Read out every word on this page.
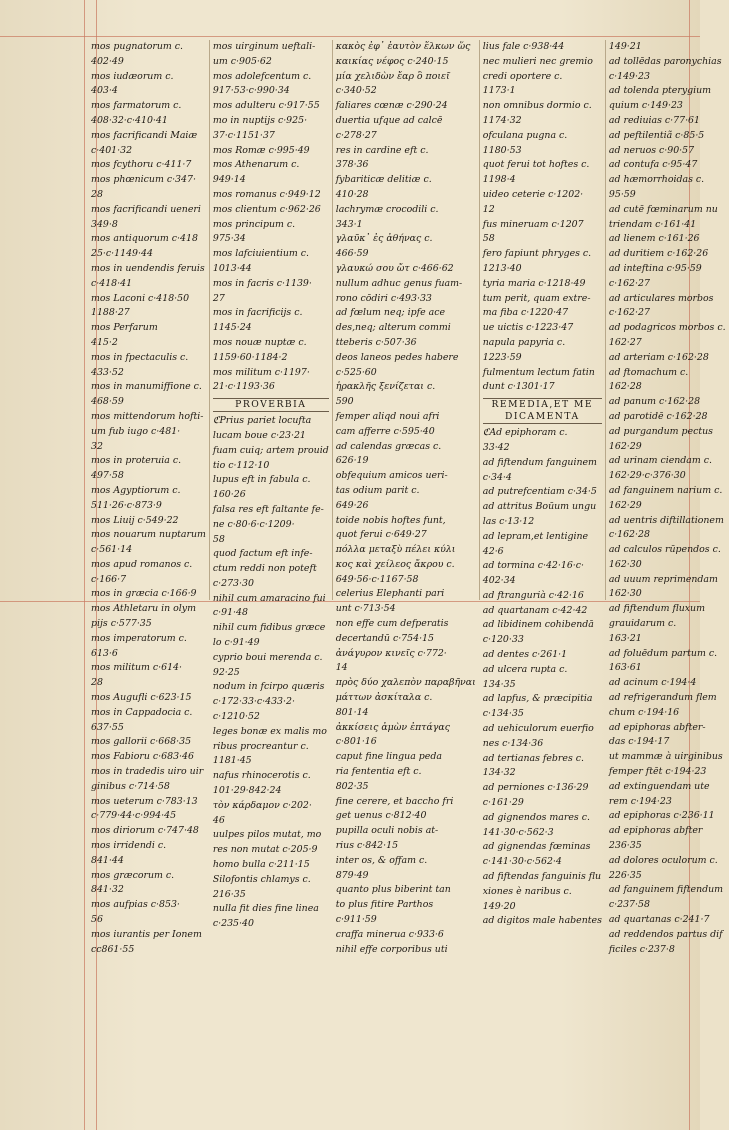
mos pugnatorum c.
402·49
mos iudæorum c.
403·4
mos farmatorum c.
408·32·c·410·41
mos facrificandi Maiæ
c·401·32
mos fcythoru c·411·7
mos phœnicum c·347·
28
mos facrificandi ueneri
349·8
mos antiquorum c·418
25·c·1149·44
mos in uendendis feruis
c·418·41
mos Laconi c·418·50
1188·27
mos Perfarum
415·2
mos in fpectaculis c.
433·52
mos in manumiffione c.
468·59
mos mittendorum hofti-
um fub iugo c·481·
32
mos in proteruia c.
497·58
mos Agyptiorum c.
511·26·c·873·9
mos Liuij c·549·22
mos nouarum nuptarum
c·561·14
mos apud romanos c.
c·166·7
mos in græcia c·166·9
mos Athletaru in olym
pijs c·577·35
mos imperatorum c.
613·6
mos militum c·614·
28
mos Augufli c·623·15
mos in Cappadocia c.
637·55
mos gallorii c·668·35
mos Fabioru c·683·46
mos in tradedis uiro uir
ginibus c·714·58
mos ueterum c·783·13
c·779·44·c·994·45
mos diriorum c·747·48
mos irridendi c.
841·44
mos græcorum c.
841·32
mos aufpias c·853·
56
mos iurantis per Ionem
cc861·55
mos uirginum ueftali-
um c·905·62
mos adolefcentum c.
917·53·c·990·34
mos adulteru c·917·55
mo in nuptijs c·925·
37·c·1151·37
mos Romæ c·995·49
mos Athenarum c.
949·14
mos romanus c·949·12
mos clientum c·962·26
mos principum c.
975·34
mos lafciuientium c.
1013·44
mos in facris c·1139·
27
mos in facrificijs c.
1145·24
mos nouæ nuptæ c.
1159·60·1184·2
mos militum c·1197·
21·c·1193·36
PROVERBIA
ℭPrius pariet locufta
lucam boue c·23·21
fuam cuiq; artem prouid
tio c·112·10
lupus eft in fabula c.
160·26
falsa res eft faltante fe-
ne c·80·6·c·1209·
58
quod factum eft infe-
ctum reddi non poteft
c·273·30
nihil cum amaracino fui
c·91·48
nihil cum fidibus græce
lo c·91·49
cyprio boui merenda c.
92·25
nodum in fcirpo quæris
c·172·33·c·433·2·
c·1210·52
leges bonæ ex malis mo
ribus procreantur c.
1181·45
nafus rhinocerotis c.
101·29·842·24
τὸν κάρδαμον c·202·
46
uulpes pilos mutat, mo
res non mutat c·205·9
homo bulla c·211·15
Silofontis chlamys c.
216·35
nulla fit dies fine linea
c·235·40
κακὸς ἐφ᾽ ἑαυτὸν ἕλκων ὥς
καικίας νέφος c·240·15
μία χελιδὼν ἔαρ ὃ ποιεῖ
c·340·52
faliares cœnæ c·290·24
duertia ufque ad calcē
c·278·27
res in cardine eft c.
378·36
fybariticæ delitiæ c.
410·28
lachrymæ crocodili c.
343·1
γλαῦκ᾽ ἐς ἀθήνας c.
466·59
γλαυκώ σου ὤτ c·466·62
nullum adhuc genus fuam-
rono cōdiri c·493·33
ad fœlum neq; ipfe ace
des,neq; alterum commi
tteberis c·507·36
deos laneos pedes habere
c·525·60
ἡρακλῆς ξενίζεται c.
590
femper aliqd noui afri
cam afferre c·595·40
ad calendas græcas c.
626·19
obfequium amicos ueri-
tas odium parit c.
649·26
toide nobis hoftes funt,
quot ferui c·649·27
πόλλα μεταξὺ πέλει κύλι
κος καὶ χείλεος ἄκρου c.
649·56·c·1167·58
celerius Elephanti pari
unt c·713·54
non effe cum defperatis
decertandū c·754·15
ἀνάγυρον κινεῖς c·772·
14
πρὸς δύο χαλεπὸν παραβῆναι
μάττων ἀσκίταλα c.
801·14
ἀκκίσεις ἀμὼν ἐπτάγας
c·801·16
caput fine lingua peda
ria fententia eft c.
802·35
fine cerere, et baccho fri
get uenus c·812·40
pupilla oculi nobis at-
rius c·842·15
inter os, & offam c.
879·49
quanto plus biberint tan
to plus fitire Parthos
c·911·59
craffa minerua c·933·6
nihil effe corporibus uti
lius fale c·938·44
nec mulieri nec gremio
credi oportere c.
1173·1
non omnibus dormio c.
1174·32
ofculana pugna c.
1180·53
quot ferui tot hoftes c.
1198·4
uideo ceterie c·1202·
12
fus mineruam c·1207
58
fero fapiunt phryges c.
1213·40
tyria maria c·1218·49
tum perit, quam extre-
ma fiba c·1220·47
ue uictis c·1223·47
napula papyria c.
1223·59
fulmentum lectum fatin
dunt c·1301·17
REMEDIA,ET ME DICAMENTA
ℭAd epiphoram c.
33·42
ad fiftendum fanguinem
c·34·4
ad putrefcentiam c·34·5
ad attritus Boūum ungu
las c·13·12
ad lepram,et lentigine
42·6
ad tormina c·42·16·c·
402·34
ad ftrangurià c·42·16
ad quartanam c·42·42
ad libidinem cohibendā
c·120·33
ad dentes c·261·1
ad ulcera rupta c.
134·35
ad lapfus, & præcipitia
c·134·35
ad uehiculorum euerfio
nes c·134·36
ad tertianas febres c.
134·32
ad perniones c·136·29
c·161·29
ad gignendos mares c.
141·30·c·562·3
ad gignendas fœminas
c·141·30·c·562·4
ad fiftendas fanguinis flu
xiones è naribus c.
149·20
ad digitos male habentes
149·21
ad tollēdas paronychias
c·149·23
ad tolenda pterygium
quium c·149·23
ad rediuias c·77·61
ad peftilentiã c·85·5
ad neruos c·90·57
ad contufa c·95·47
ad hæmorrhoidas c.
95·59
ad cutē fœminarum nu
triendam c·161·41
ad lienem c·161·26
ad duritiem c·162·26
ad inteftina c·95·59
c·162·27
ad articulares morbos
c·162·27
ad podagricos morbos c.
162·27
ad arteriam c·162·28
ad ftomachum c.
162·28
ad panum c·162·28
ad parotidē c·162·28
ad purgandum pectus
162·29
ad urinam ciendam c.
162·29·c·376·30
ad fanguinem narium c.
162·29
ad uentris diftillationem
c·162·28
ad calculos rūpendos c.
162·30
ad uuum reprimendam
162·30
ad fiftendum fluxum
grauidarum c.
163·21
ad foluēdum partum c.
163·61
ad acinum c·194·4
ad refrigerandum flem
chum c·194·16
ad epiphoras abfter-
das c·194·17
ut mammæ à uirginibus
femper ftēt c·194·23
ad extinguendam ute
rem c·194·23
ad epiphoras c·236·11
ad epiphoras abfter
236·35
ad dolores oculorum c.
226·35
ad fanguinem fiftendum
c·237·58
ad quartanas c·241·7
ad reddendos partus dif
ficiles c·237·8
